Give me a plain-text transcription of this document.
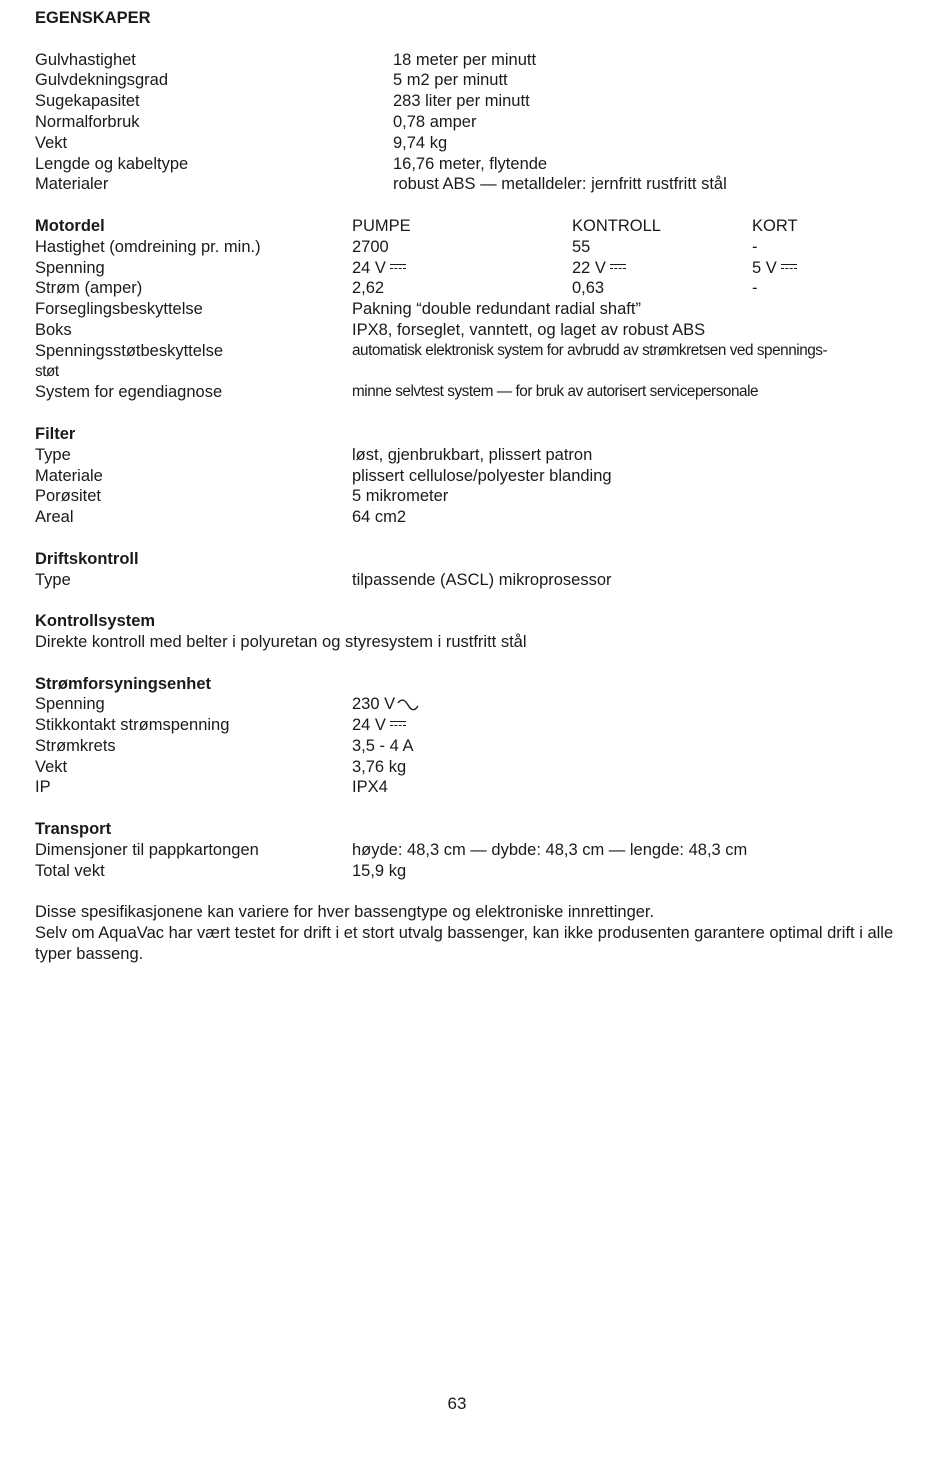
EGENSKAPER
Gulvhastighet	18 meter per minutt
Gulvdekningsgrad	5 m2 per minutt
Sugekapasitet	283 liter per minutt
Normalforbruk	0,78 amper
Vekt	9,74 kg
Lengde og kabeltype	16,76 meter, flytende
Materialer	robust ABS — metalldeler: jernfritt rustfritt stål
Motordel	PUMPE	KONTROLL	KORT
Hastighet (omdreining pr. min.)	2700	55	-
Spenning	24 V	22 V	5 V
Strøm (amper)	2,62	0,63	-
Forseglingsbeskyttelse	Pakning “double redundant radial shaft”
Boks	IPX8, forseglet, vanntett, og laget av robust ABS
Spenningsstøtbeskyttelse	automatisk elektronisk system for avbrudd av strømkretsen ved spennings-
støt
System for egendiagnose	minne selvtest system — for bruk av autorisert servicepersonale
Filter
Type	løst, gjenbrukbart, plissert patron
Materiale	plissert cellulose/polyester blanding
Porøsitet	5 mikrometer
Areal	64 cm2
Driftskontroll
Type	tilpassende (ASCL) mikroprosessor
Kontrollsystem
Direkte kontroll med belter i polyuretan og styresystem i rustfritt stål
Strømforsyningsenhet
Spenning	230 V
Stikkontakt strømspenning	24 V
Strømkrets	3,5 - 4 A
Vekt	3,76 kg
IP	IPX4
Transport
Dimensjoner til pappkartongen	høyde: 48,3 cm — dybde: 48,3 cm — lengde: 48,3 cm
Total vekt	15,9 kg
Disse spesifikasjonene kan variere for hver bassengtype og elektroniske innrettinger.
Selv om AquaVac har vært testet for drift i et stort utvalg bassenger, kan ikke produsenten garantere optimal drift i alle typer basseng.
63
